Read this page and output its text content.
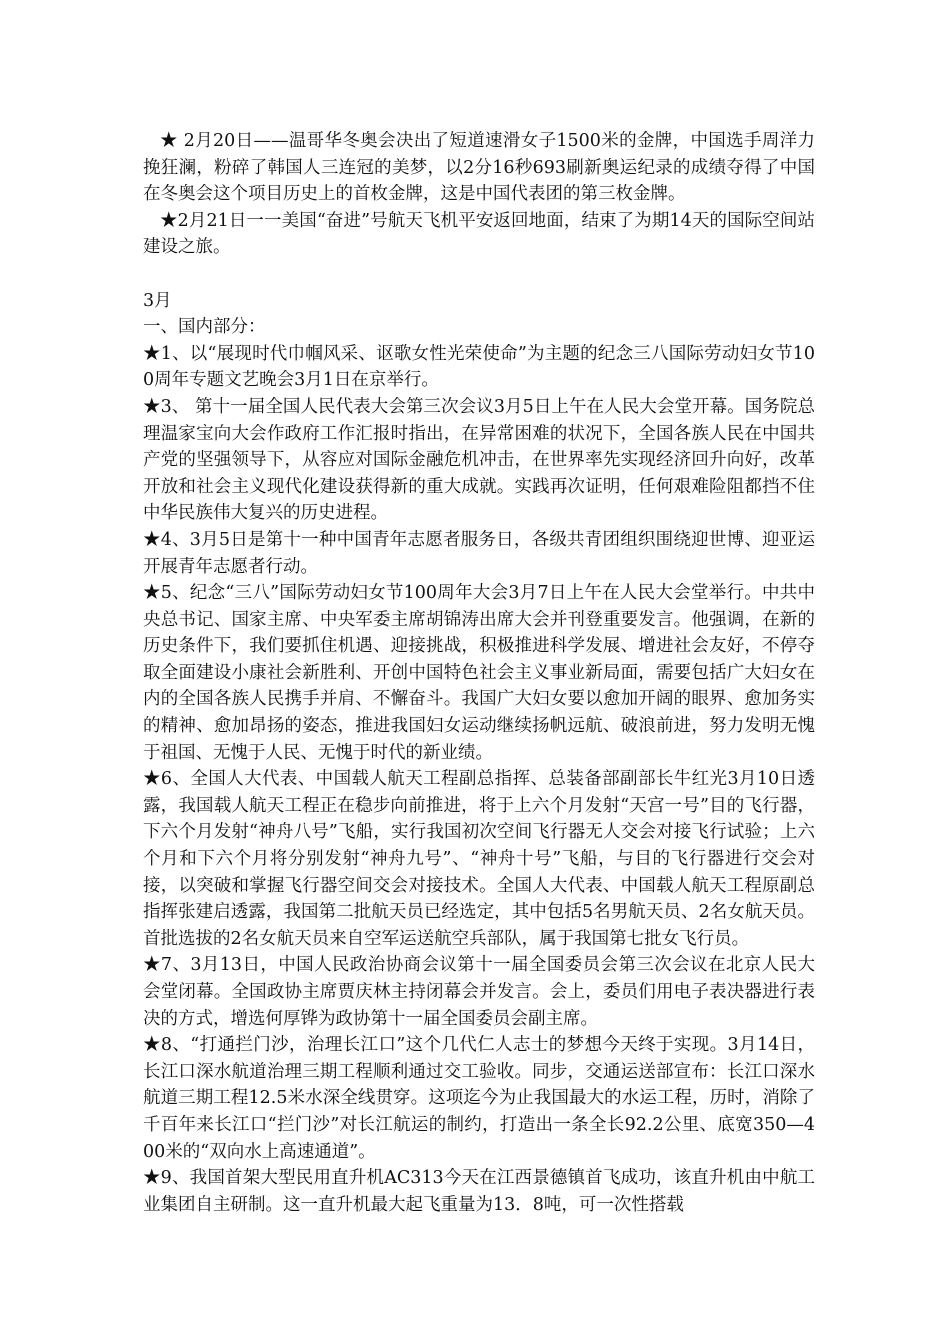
★ 2月20日——温哥华冬奥会决出了短道速滑女子1500米的金牌，中国选手周洋力挽狂澜，粉碎了韩国人三连冠的美梦，以2分16秒693刷新奥运纪录的成绩夺得了中国在冬奥会这个项目历史上的首枚金牌，这是中国代表团的第三枚金牌。

★2月21日一一美国“奋进”号航天飞机平安返回地面，结束了为期14天的国际空间站建设之旅。

3月

一、国内部分：

★1、以“展现时代巾帼风采、讴歌女性光荣使命”为主题的纪念三八国际劳动妇女节100周年专题文艺晚会3月1日在京举行。

★3、 第十一届全国人民代表大会第三次会议3月5日上午在人民大会堂开幕。国务院总理温家宝向大会作政府工作汇报时指出，在异常困难的状况下，全国各族人民在中国共产党的坚强领导下，从容应对国际金融危机冲击，在世界率先实现经济回升向好，改革开放和社会主义现代化建设获得新的重大成就。实践再次证明，任何艰难险阻都挡不住中华民族伟大复兴的历史进程。

★4、3月5日是第十一种中国青年志愿者服务日，各级共青团组织围绕迎世博、迎亚运开展青年志愿者行动。

★5、纪念“三八”国际劳动妇女节100周年大会3月7日上午在人民大会堂举行。中共中央总书记、国家主席、中央军委主席胡锦涛出席大会并刊登重要发言。他强调，在新的历史条件下，我们要抓住机遇、迎接挑战，积极推进科学发展、增进社会友好，不停夺取全面建设小康社会新胜利、开创中国特色社会主义事业新局面，需要包括广大妇女在内的全国各族人民携手并肩、不懈奋斗。我国广大妇女要以愈加开阔的眼界、愈加务实的精神、愈加昂扬的姿态，推进我国妇女运动继续扬帆远航、破浪前进，努力发明无愧于祖国、无愧于人民、无愧于时代的新业绩。

★6、全国人大代表、中国载人航天工程副总指挥、总装备部副部长牛红光3月10日透露，我国载人航天工程正在稳步向前推进，将于上六个月发射“天宫一号”目的飞行器，下六个月发射“神舟八号”飞船，实行我国初次空间飞行器无人交会对接飞行试验；上六个月和下六个月将分别发射“神舟九号”、“神舟十号”飞船，与目的飞行器进行交会对接，以突破和掌握飞行器空间交会对接技术。全国人大代表、中国载人航天工程原副总指挥张建启透露，我国第二批航天员已经选定，其中包括5名男航天员、2名女航天员。首批选拔的2名女航天员来自空军运送航空兵部队，属于我国第七批女飞行员。

★7、3月13日，中国人民政治协商会议第十一届全国委员会第三次会议在北京人民大会堂闭幕。全国政协主席贾庆林主持闭幕会并发言。会上，委员们用电子表决器进行表决的方式，增选何厚铧为政协第十一届全国委员会副主席。

★8、“打通拦门沙，治理长江口”这个几代仁人志士的梦想今天终于实现。3月14日，长江口深水航道治理三期工程顺利通过交工验收。同步，交通运送部宣布：长江口深水航道三期工程12.5米水深全线贯穿。这项迄今为止我国最大的水运工程，历时，消除了千百年来长江口“拦门沙”对长江航运的制约，打造出一条全长92.2公里、底宽350—400米的“双向水上高速通道”。

★9、我国首架大型民用直升机AC313今天在江西景德镇首飞成功，该直升机由中航工业集团自主研制。这一直升机最大起飞重量为13．8吨，可一次性搭载
